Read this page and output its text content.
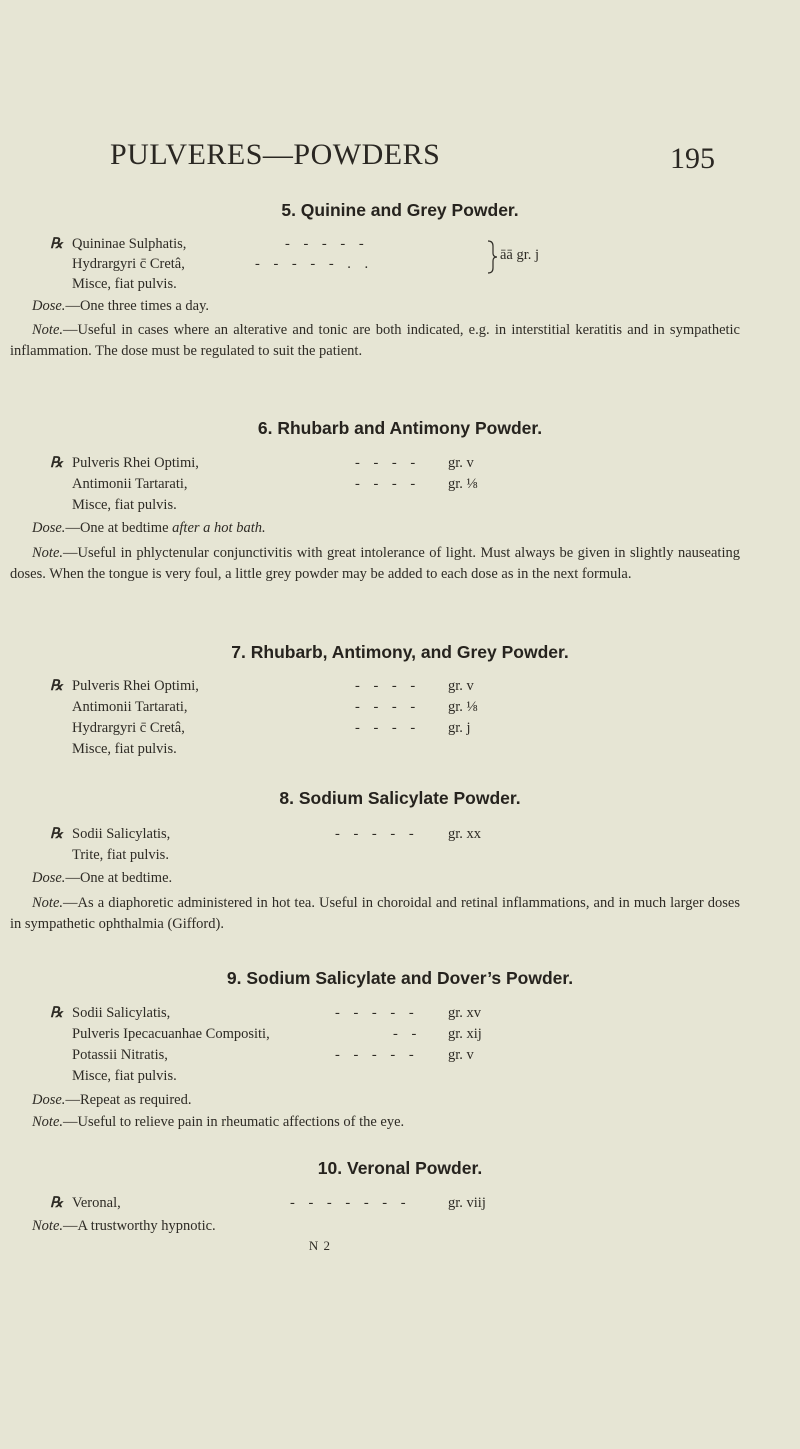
PULVERES—POWDERS	195
5. Quinine and Grey Powder.
℞ Quininae Sulphatis,	- - - - -
Hydrargyri c̄ Cretâ,	- - - - - . .
āā gr. j
Misce, fiat pulvis.
Dose.—One three times a day.
Note.—Useful in cases where an alterative and tonic are both indicated, e.g. in interstitial keratitis and in sympathetic inflammation. The dose must be regulated to suit the patient.
6. Rhubarb and Antimony Powder.
℞ Pulveris Rhei Optimi,	- - - - gr. v
Antimonii Tartarati,	- - - - gr. ⅛
Misce, fiat pulvis.
Dose.—One at bedtime after a hot bath.
Note.—Useful in phlyctenular conjunctivitis with great intolerance of light. Must always be given in slightly nauseating doses. When the tongue is very foul, a little grey powder may be added to each dose as in the next formula.
7. Rhubarb, Antimony, and Grey Powder.
℞ Pulveris Rhei Optimi,	- - - - gr. v
Antimonii Tartarati,	- - - - gr. ⅛
Hydrargyri c̄ Cretâ,	- - - - gr. j
Misce, fiat pulvis.
8. Sodium Salicylate Powder.
℞ Sodii Salicylatis,	- - - - - gr. xx
Trite, fiat pulvis.
Dose.—One at bedtime.
Note.—As a diaphoretic administered in hot tea. Useful in choroidal and retinal inflammations, and in much larger doses in sympathetic ophthalmia (Gifford).
9. Sodium Salicylate and Dover’s Powder.
℞ Sodii Salicylatis,	- - - - - gr. xv
Pulveris Ipecacuanhae Compositi,	- - gr. xij
Potassii Nitratis,	- - - - - gr. v
Misce, fiat pulvis.
Dose.—Repeat as required.
Note.—Useful to relieve pain in rheumatic affections of the eye.
10. Veronal Powder.
℞ Veronal,	- - - - - - -	gr. viij
Note.—A trustworthy hypnotic.
N 2
